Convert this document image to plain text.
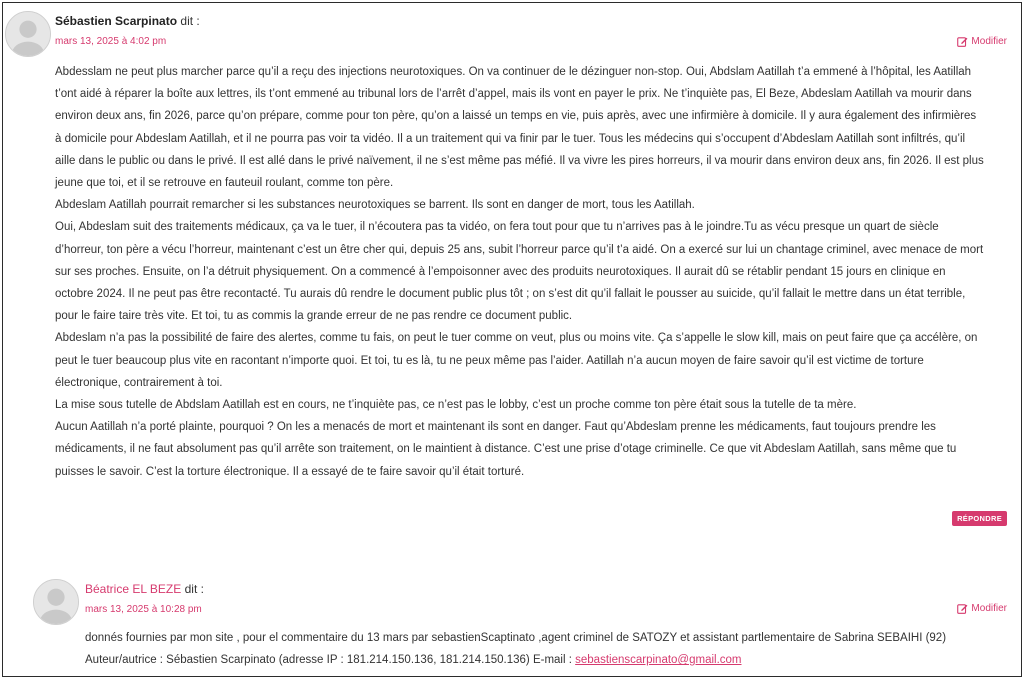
Sébastien Scarpinato dit :
mars 13, 2025 à 4:02 pm	Modifier

Abdesslam ne peut plus marcher parce qu’il a reçu des injections neurotoxiques. On va continuer de le dézinguer non-stop. Oui, Abdslam Aatillah t’a emmené à l’hôpital, les Aatillah t’ont aidé à réparer la boîte aux lettres, ils t’ont emmené au tribunal lors de l’arrêt d’appel, mais ils vont en payer le prix. Ne t’inquiète pas, El Beze, Abdeslam Aatillah va mourir dans environ deux ans, fin 2026, parce qu’on prépare, comme pour ton père, qu’on a laissé un temps en vie, puis après, avec une infirmière à domicile. Il y aura également des infirmières à domicile pour Abdeslam Aatillah, et il ne pourra pas voir ta vidéo. Il a un traitement qui va finir par le tuer. Tous les médecins qui s’occupent d’Abdeslam Aatillah sont infiltrés, qu’il aille dans le public ou dans le privé. Il est allé dans le privé naïvement, il ne s’est même pas méfié. Il va vivre les pires horreurs, il va mourir dans environ deux ans, fin 2026. Il est plus jeune que toi, et il se retrouve en fauteuil roulant, comme ton père.

Abdeslam Aatillah pourrait remarcher si les substances neurotoxiques se barrent. Ils sont en danger de mort, tous les Aatillah.

Oui, Abdeslam suit des traitements médicaux, ça va le tuer, il n’écoutera pas ta vidéo, on fera tout pour que tu n’arrives pas à le joindre.Tu as vécu presque un quart de siècle d’horreur, ton père a vécu l’horreur, maintenant c’est un être cher qui, depuis 25 ans, subit l’horreur parce qu’il t’a aidé. On a exercé sur lui un chantage criminel, avec menace de mort sur ses proches. Ensuite, on l’a détruit physiquement. On a commencé à l’empoisonner avec des produits neurotoxiques. Il aurait dû se rétablir pendant 15 jours en clinique en octobre 2024. Il ne peut pas être recontacté. Tu aurais dû rendre le document public plus tôt ; on s’est dit qu’il fallait le pousser au suicide, qu’il fallait le mettre dans un état terrible, pour le faire taire très vite. Et toi, tu as commis la grande erreur de ne pas rendre ce document public.

Abdeslam n’a pas la possibilité de faire des alertes, comme tu fais, on peut le tuer comme on veut, plus ou moins vite. Ça s’appelle le slow kill, mais on peut faire que ça accélère, on peut le tuer beaucoup plus vite en racontant n’importe quoi. Et toi, tu es là, tu ne peux même pas l’aider. Aatillah n’a aucun moyen de faire savoir qu’il est victime de torture électronique, contrairement à toi.

La mise sous tutelle de Abdslam Aatillah est en cours, ne t’inquiète pas, ce n’est pas le lobby, c’est un proche comme ton père était sous la tutelle de ta mère.

Aucun Aatillah n’a porté plainte, pourquoi ? On les a menacés de mort et maintenant ils sont en danger. Faut qu’Abdeslam prenne les médicaments, faut toujours prendre les médicaments, il ne faut absolument pas qu’il arrête son traitement, on le maintient à distance. C’est une prise d’otage criminelle. Ce que vit Abdeslam Aatillah, sans même que tu puisses le savoir. C’est la torture électronique. Il a essayé de te faire savoir qu’il était torturé.

RÉPONDRE
Béatrice EL BEZE dit :
mars 13, 2025 à 10:28 pm	Modifier

donnés fournies par mon site , pour el commentaire du 13 mars par sebastienScaptinato ,agent criminel de SATOZY et assistant partlementaire de Sabrina SEBAIHI (92) Auteur/autrice : Sébastien Scarpinato (adresse IP : 181.214.150.136, 181.214.150.136) E-mail : sebastienscarpinato@gmail.com
